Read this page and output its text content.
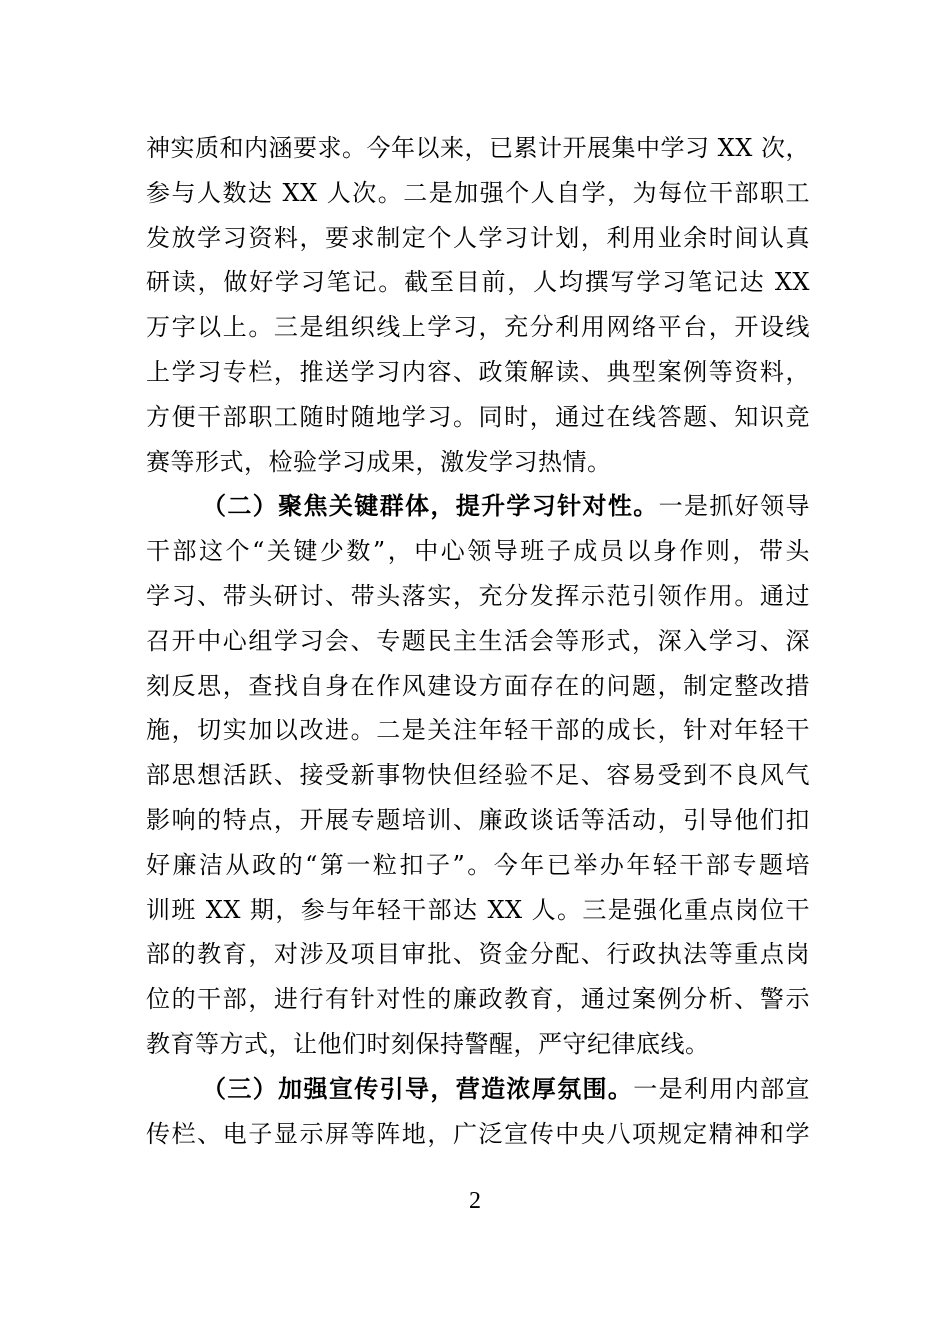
神实质和内涵要求。今年以来，已累计开展集中学习 XX 次，
参与人数达 XX 人次。二是加强个人自学，为每位干部职工
发放学习资料，要求制定个人学习计划，利用业余时间认真
研读，做好学习笔记。截至目前，人均撰写学习笔记达 XX
万字以上。三是组织线上学习，充分利用网络平台，开设线
上学习专栏，推送学习内容、政策解读、典型案例等资料，
方便干部职工随时随地学习。同时，通过在线答题、知识竞
赛等形式，检验学习成果，激发学习热情。
（二）聚焦关键群体，提升学习针对性。一是抓好领导
干部这个“关键少数”，中心领导班子成员以身作则，带头
学习、带头研讨、带头落实，充分发挥示范引领作用。通过
召开中心组学习会、专题民主生活会等形式，深入学习、深
刻反思，查找自身在作风建设方面存在的问题，制定整改措
施，切实加以改进。二是关注年轻干部的成长，针对年轻干
部思想活跃、接受新事物快但经验不足、容易受到不良风气
影响的特点，开展专题培训、廉政谈话等活动，引导他们扣
好廉洁从政的“第一粒扣子”。今年已举办年轻干部专题培
训班 XX 期，参与年轻干部达 XX 人。三是强化重点岗位干
部的教育，对涉及项目审批、资金分配、行政执法等重点岗
位的干部，进行有针对性的廉政教育，通过案例分析、警示
教育等方式，让他们时刻保持警醒，严守纪律底线。
（三）加强宣传引导，营造浓厚氛围。一是利用内部宣
传栏、电子显示屏等阵地，广泛宣传中央八项规定精神和学
2
